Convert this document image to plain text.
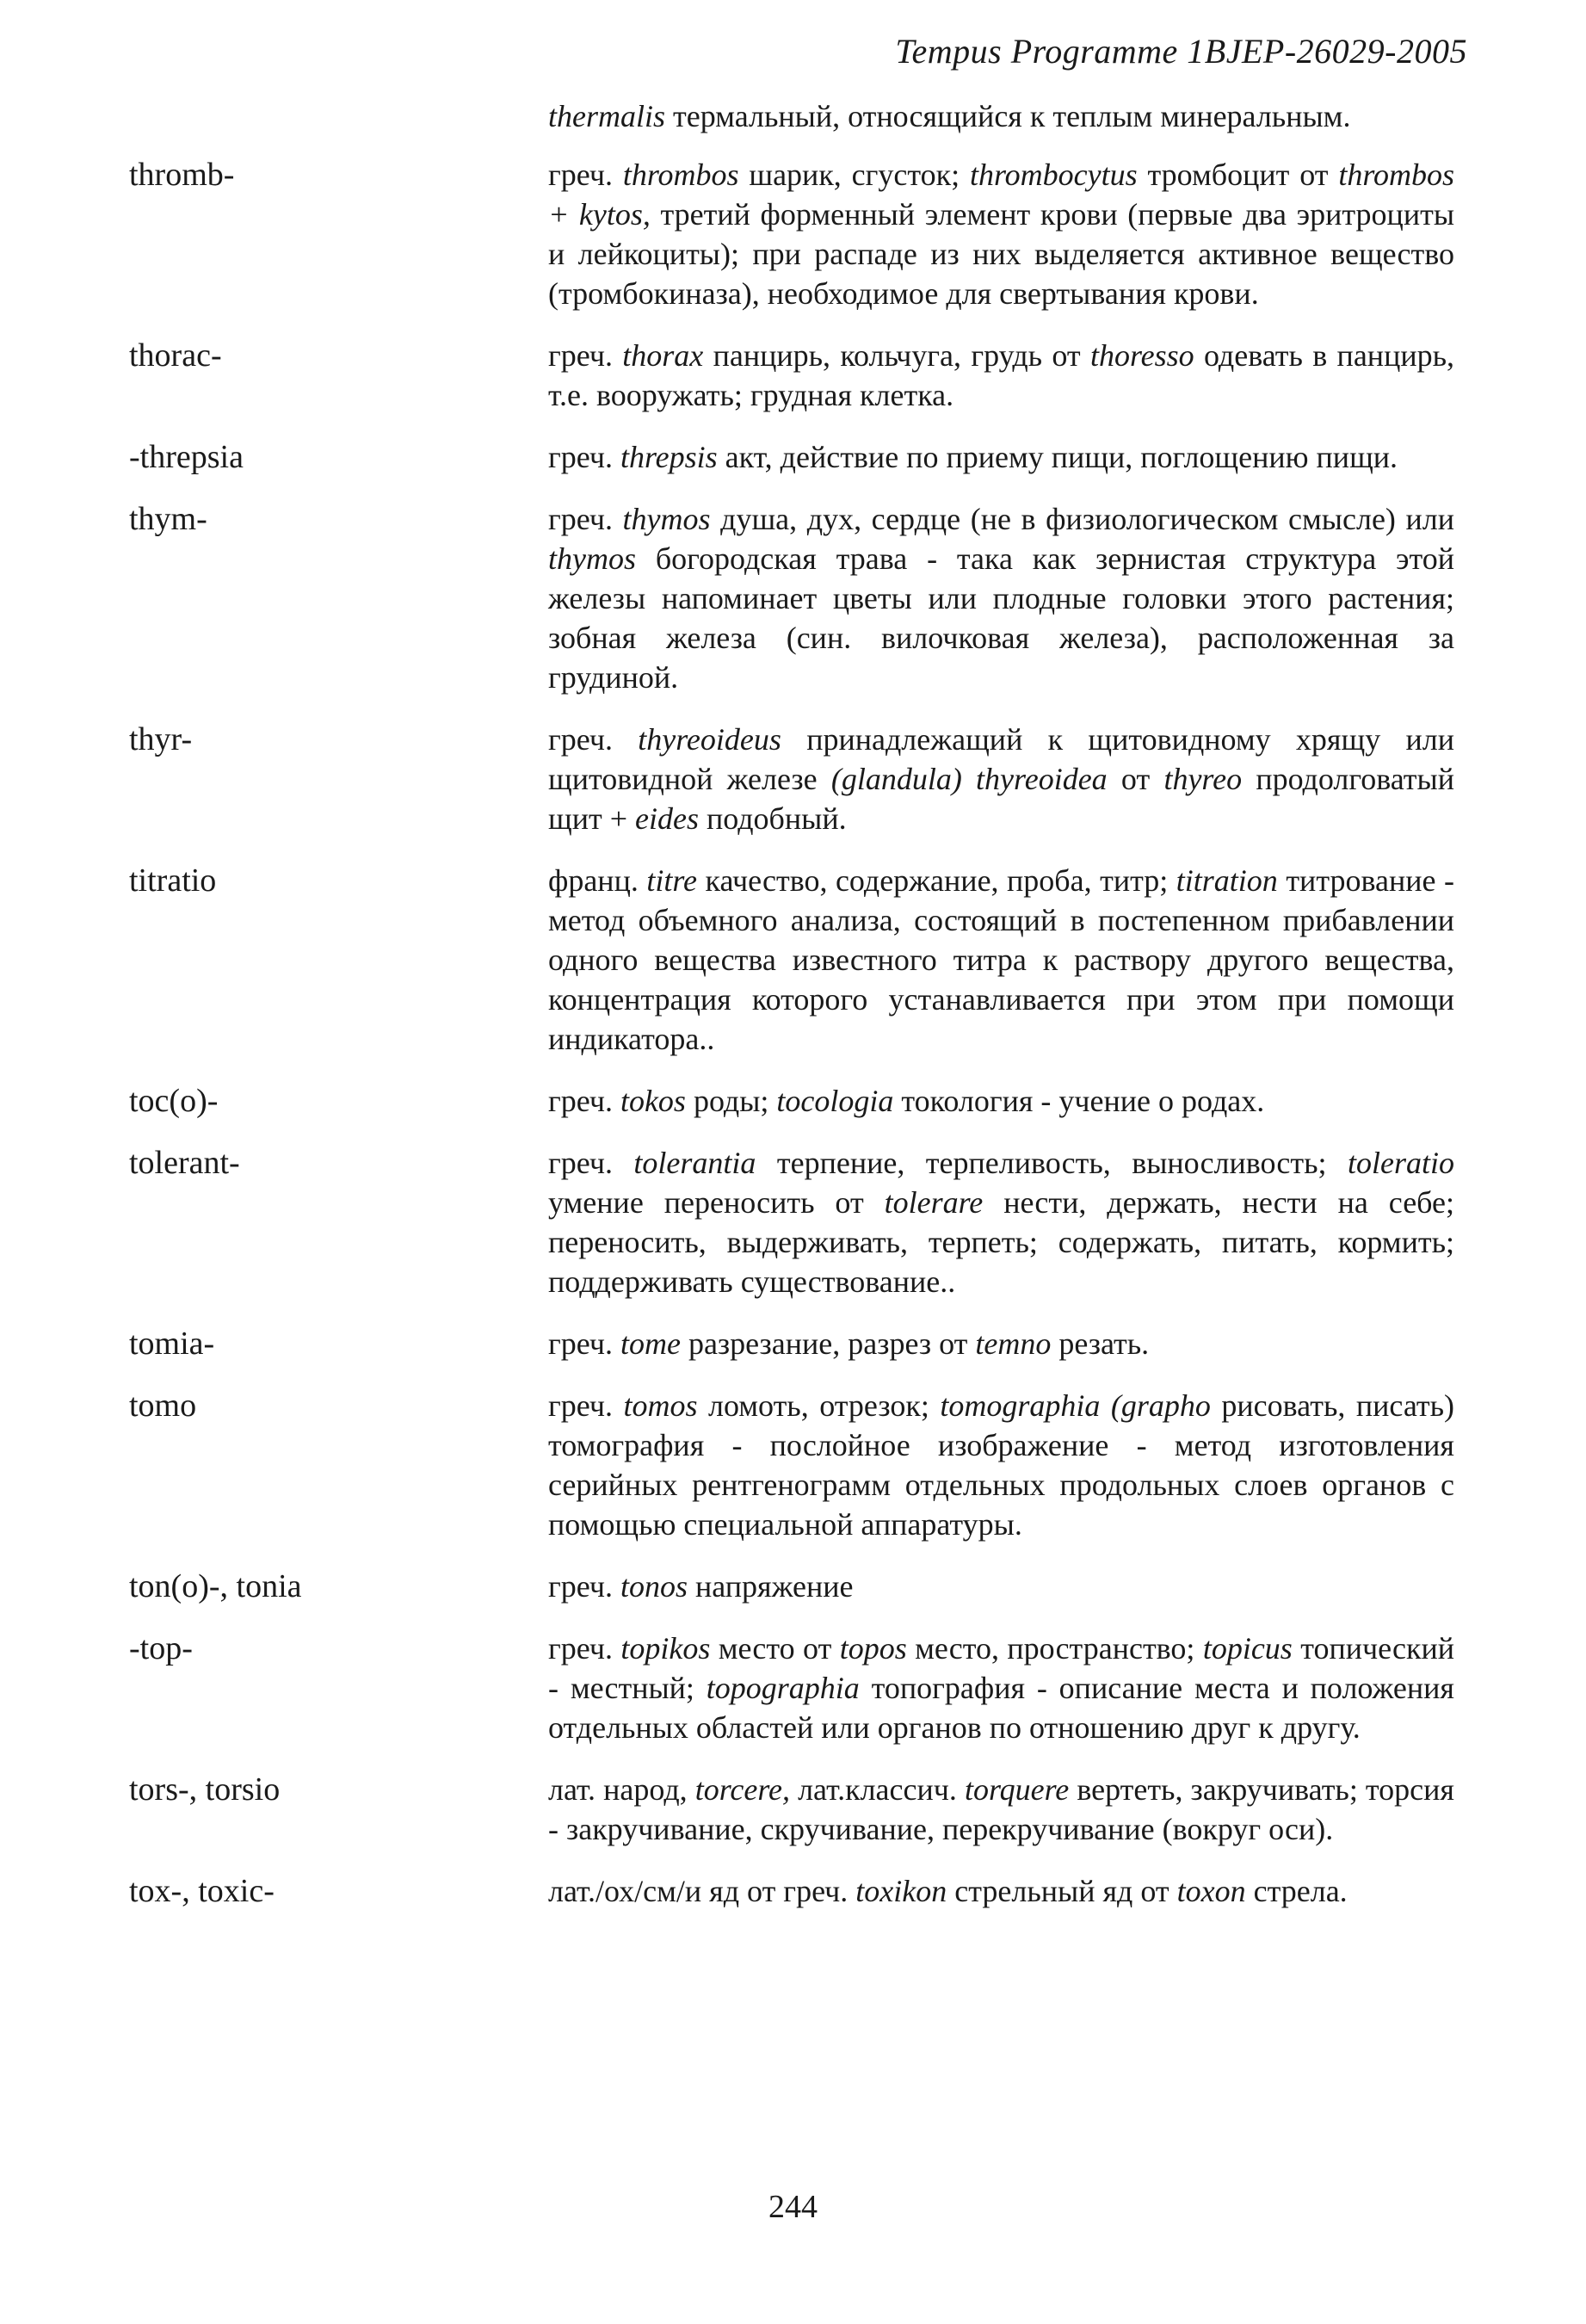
Tempus Programme 1BJEP-26029-2005
thermalis термальный, относящийся к теплым минеральным.
thromb-	греч. thrombos шарик, сгусток; thrombocytus тромбоцит от thrombos + kytos, третий форменный элемент крови (первые два эритроциты и лейкоциты); при распаде из них выделяется активное вещество (тромбокиназа), необходимое для свертывания крови.
thorac-	греч. thorax панцирь, кольчуга, грудь от thoresso одевать в панцирь, т.е. вооружать; грудная клетка.
-threpsia	греч. threpsis акт, действие по приему пищи, поглощению пищи.
thym-	греч. thymos душа, дух, сердце (не в физиологическом смысле) или thymos богородская трава - така как зернистая структура этой железы напоминает цветы или плодные головки этого растения; зобная железа (син. вилочковая железа), расположенная за грудиной.
thyr-	греч. thyreoideus принадлежащий к щитовидному хрящу или щитовидной железе (glandula) thyreoidea от thyreo продолговатый щит + eides подобный.
titratio	франц. titre качество, содержание, проба, титр; titration титрование - метод объемного анализа, состоящий в постепенном прибавлении одного вещества известного титра к раствору другого вещества, концентрация которого устанавливается при этом при помощи индикатора..
toc(o)-	греч. tokos роды; tocologia токология - учение о родах.
tolerant-	греч. tolerantia терпение, терпеливость, выносливость; toleratio умение переносить от tolerare нести, держать, нести на себе; переносить, выдерживать, терпеть; содержать, питать, кормить; поддерживать существование..
tomia-	греч. tome разрезание, разрез от temno резать.
tomo	греч. tomos ломоть, отрезок; tomographia (grapho рисовать, писать) томография - послойное изображение - метод изготовления серийных рентгенограмм отдельных продольных слоев органов с помощью специальной аппаратуры.
ton(o)-, tonia	греч. tonos напряжение
-top-	греч. topikos место от topos место, пространство; topicus топический - местный; topographia топография - описание места и положения отдельных областей или органов по отношению друг к другу.
tors-, torsio	лат. народ, torcere, лат.классич. torquere вертеть, закручивать; торсия - закручивание, скручивание, перекручивание (вокруг оси).
tox-, toxic-	лат./ох/см/и яд от греч. toxikon стрельный яд от toxon стрела.
244
